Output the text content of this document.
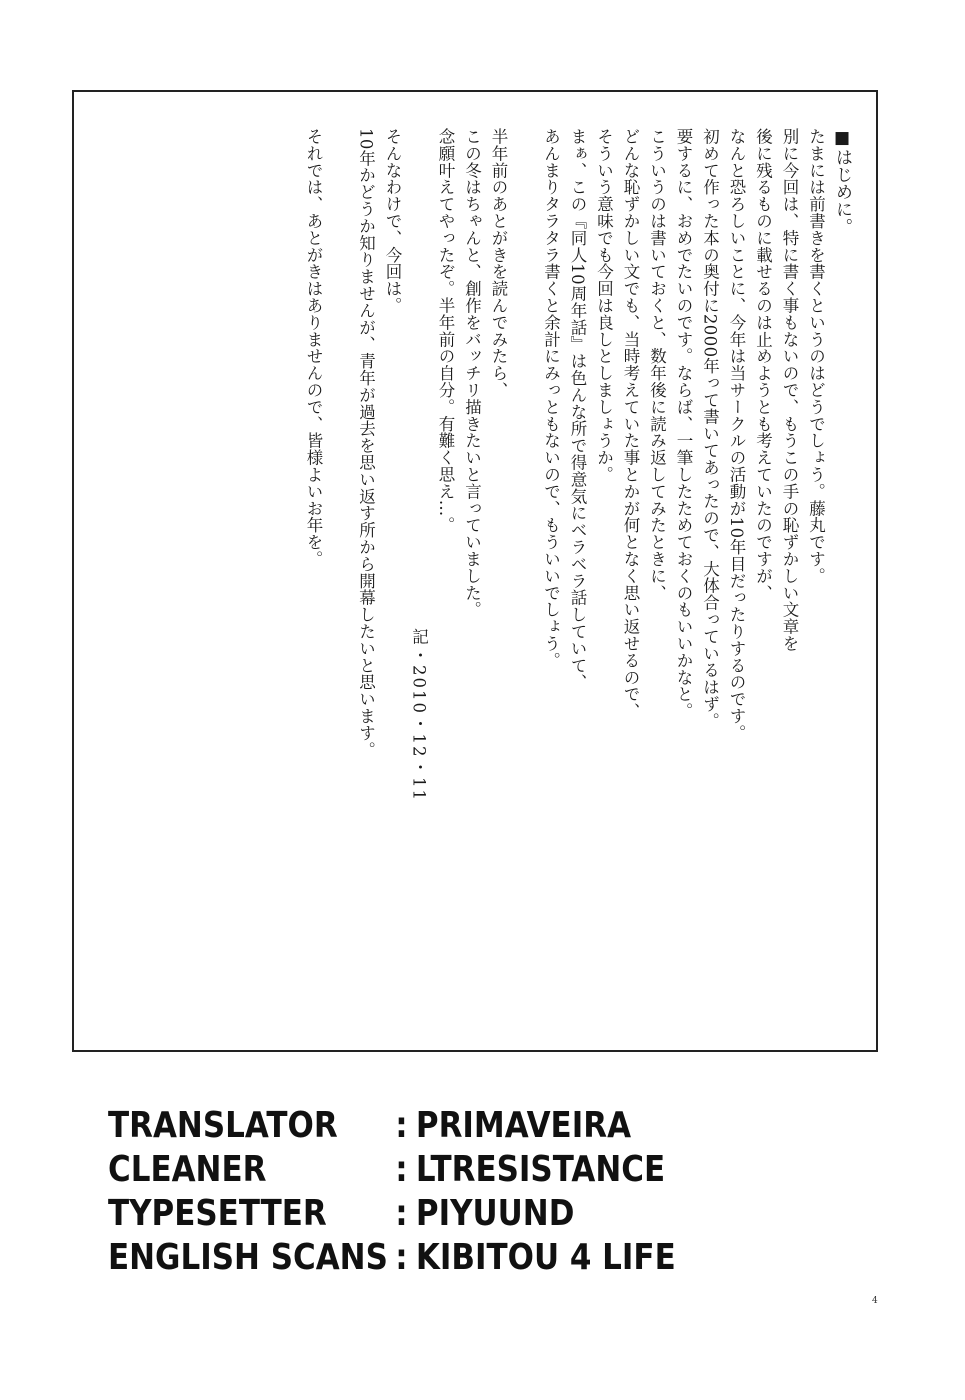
■はじめに。
たまには前書きを書くというのはどうでしょう。藤丸です。
別に今回は、特に書く事もないので、もうこの手の恥ずかしい文章を
後に残るものに載せるのは止めようとも考えていたのですが、
なんと恐ろしいことに、今年は当サークルの活動が10年目だったりするのです。
初めて作った本の奥付に2000年って書いてあったので、大体合っているはず。
要するに、おめでたいのです。ならば、一筆したためておくのもいいかなと。
こういうのは書いておくと、数年後に読み返してみたときに、
どんな恥ずかしい文でも、当時考えていた事とかが何となく思い返せるので、
そういう意味でも今回は良しとしましょうか。
まぁ、この『同人10周年話』は色んな所で得意気にベラベラ話していて、
あんまりタラタラ書くと余計にみっともないので、もういいでしょう。
半年前のあとがきを読んでみたら、
この冬はちゃんと、創作をバッチリ描きたいと言っていました。
念願叶えてやったぞ。半年前の自分。有難く思え…。
記・2010・12・11
そんなわけで、今回は。
10年かどうか知りませんが、青年が過去を思い返す所から開幕したいと思います。
それでは、あとがきはありませんので、皆様よいお年を。
TRANSLATOR	: PRIMAVEIRA
CLEANER	: LTRESISTANCE
TYPESETTER	: PIYUUND
ENGLISH SCANS : KIBITOU 4 LIFE
4
